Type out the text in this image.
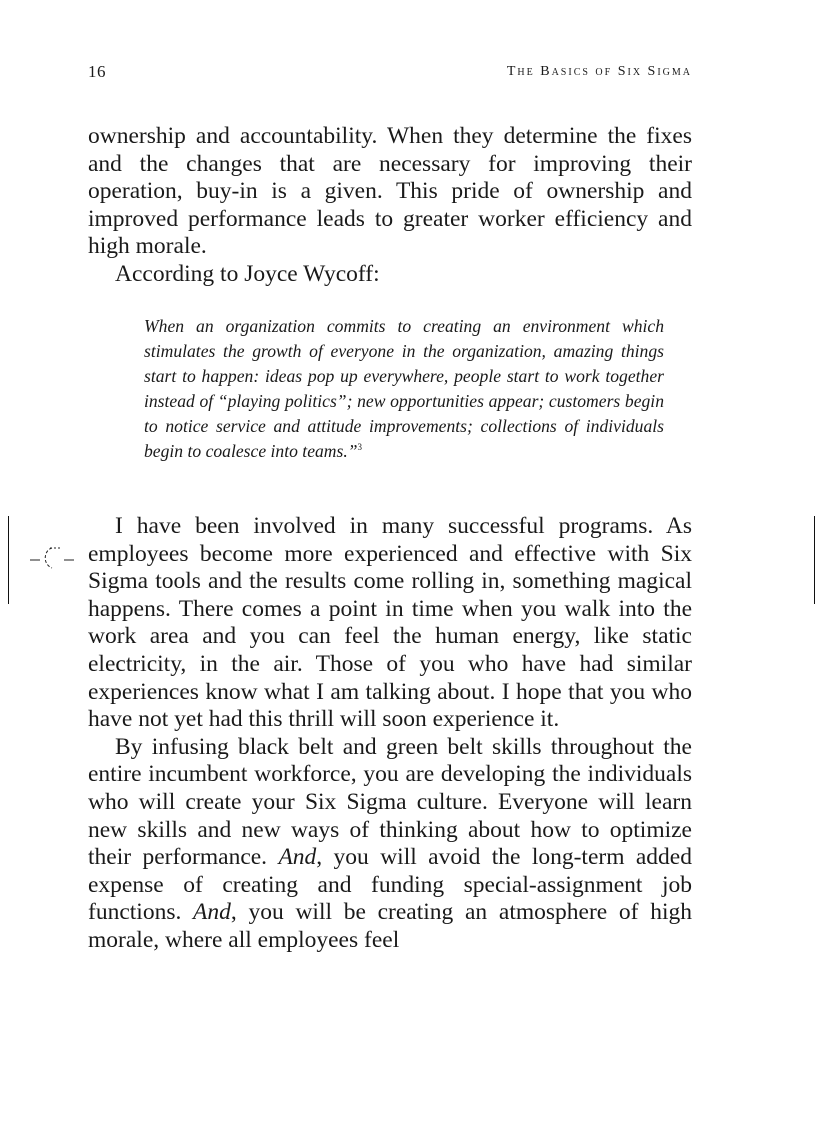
16	The Basics of Six Sigma

ownership and accountability. When they determine the fixes and the changes that are necessary for improving their operation, buy-in is a given. This pride of ownership and improved performance leads to greater worker efficiency and high morale.

According to Joyce Wycoff:

When an organization commits to creating an environment which stimulates the growth of everyone in the organization, amazing things start to happen: ideas pop up everywhere, people start to work together instead of “playing politics”; new opportunities appear; customers begin to notice service and attitude improvements; collections of individuals begin to coalesce into teams.”$^3$

I have been involved in many successful programs. As employees become more experienced and effective with Six Sigma tools and the results come rolling in, something magical happens. There comes a point in time when you walk into the work area and you can feel the human energy, like static electricity, in the air. Those of you who have had similar experiences know what I am talking about. I hope that you who have not yet had this thrill will soon experience it.

By infusing black belt and green belt skills throughout the entire incumbent workforce, you are developing the individuals who will create your Six Sigma culture. Everyone will learn new skills and new ways of thinking about how to optimize their performance. And, you will avoid the long-term added expense of creating and funding special-assignment job functions. And, you will be creating an atmosphere of high morale, where all employees feel
